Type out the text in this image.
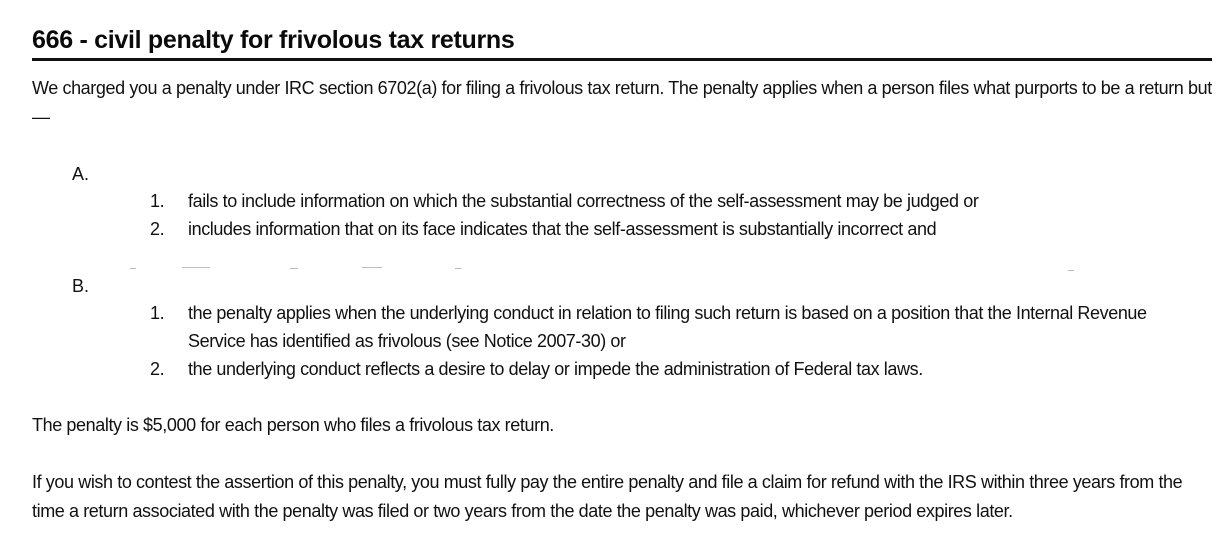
666 - civil penalty for frivolous tax returns
We charged you a penalty under IRC section 6702(a) for filing a frivolous tax return. The penalty applies when a person files what purports to be a return but—
A.
1.	fails to include information on which the substantial correctness of the self-assessment may be judged or
2.	includes information that on its face indicates that the self-assessment is substantially incorrect and
B.
1.	the penalty applies when the underlying conduct in relation to filing such return is based on a position that the Internal Revenue Service has identified as frivolous (see Notice 2007-30) or
2.	the underlying conduct reflects a desire to delay or impede the administration of Federal tax laws.
The penalty is $5,000 for each person who files a frivolous tax return.
If you wish to contest the assertion of this penalty, you must fully pay the entire penalty and file a claim for refund with the IRS within three years from the time a return associated with the penalty was filed or two years from the date the penalty was paid, whichever period expires later.
